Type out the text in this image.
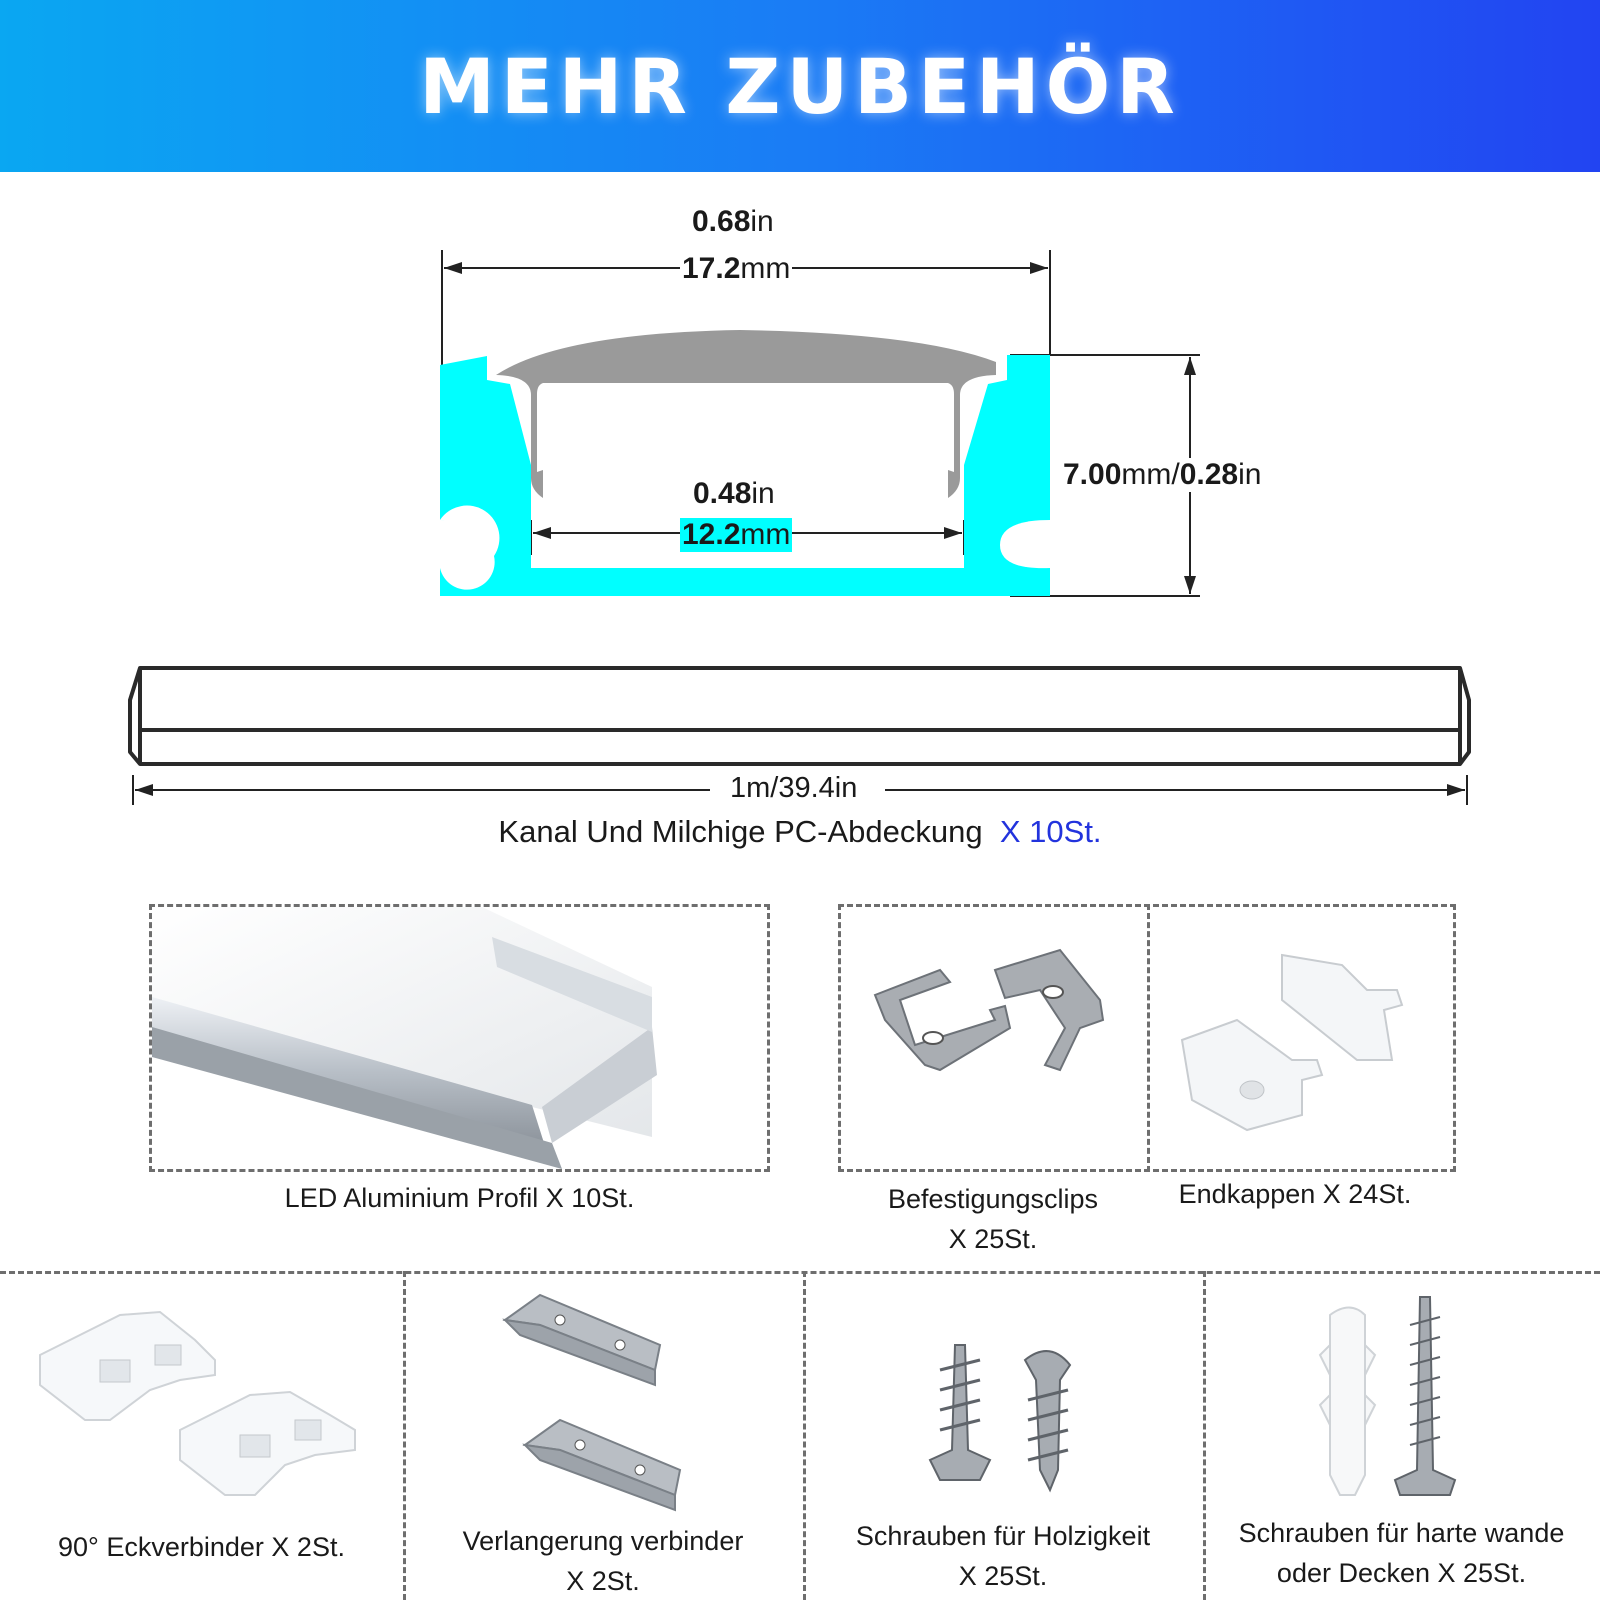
MEHR ZUBEHÖR
0.68in
17.2mm
0.48in
12.2mm
7.00mm/0.28in
1m/39.4in
Kanal Und Milchige PC-Abdeckung X 10St.
LED Aluminium Profil X 10St.	Befestigungsclips
X 25St.
Endkappen X 24St.
90° Eckverbinder X 2St.	Verlangerung verbinder
X 2St.
Schrauben für Holzigkeit
X 25St.
Schrauben für harte wande
oder Decken X 25St.
